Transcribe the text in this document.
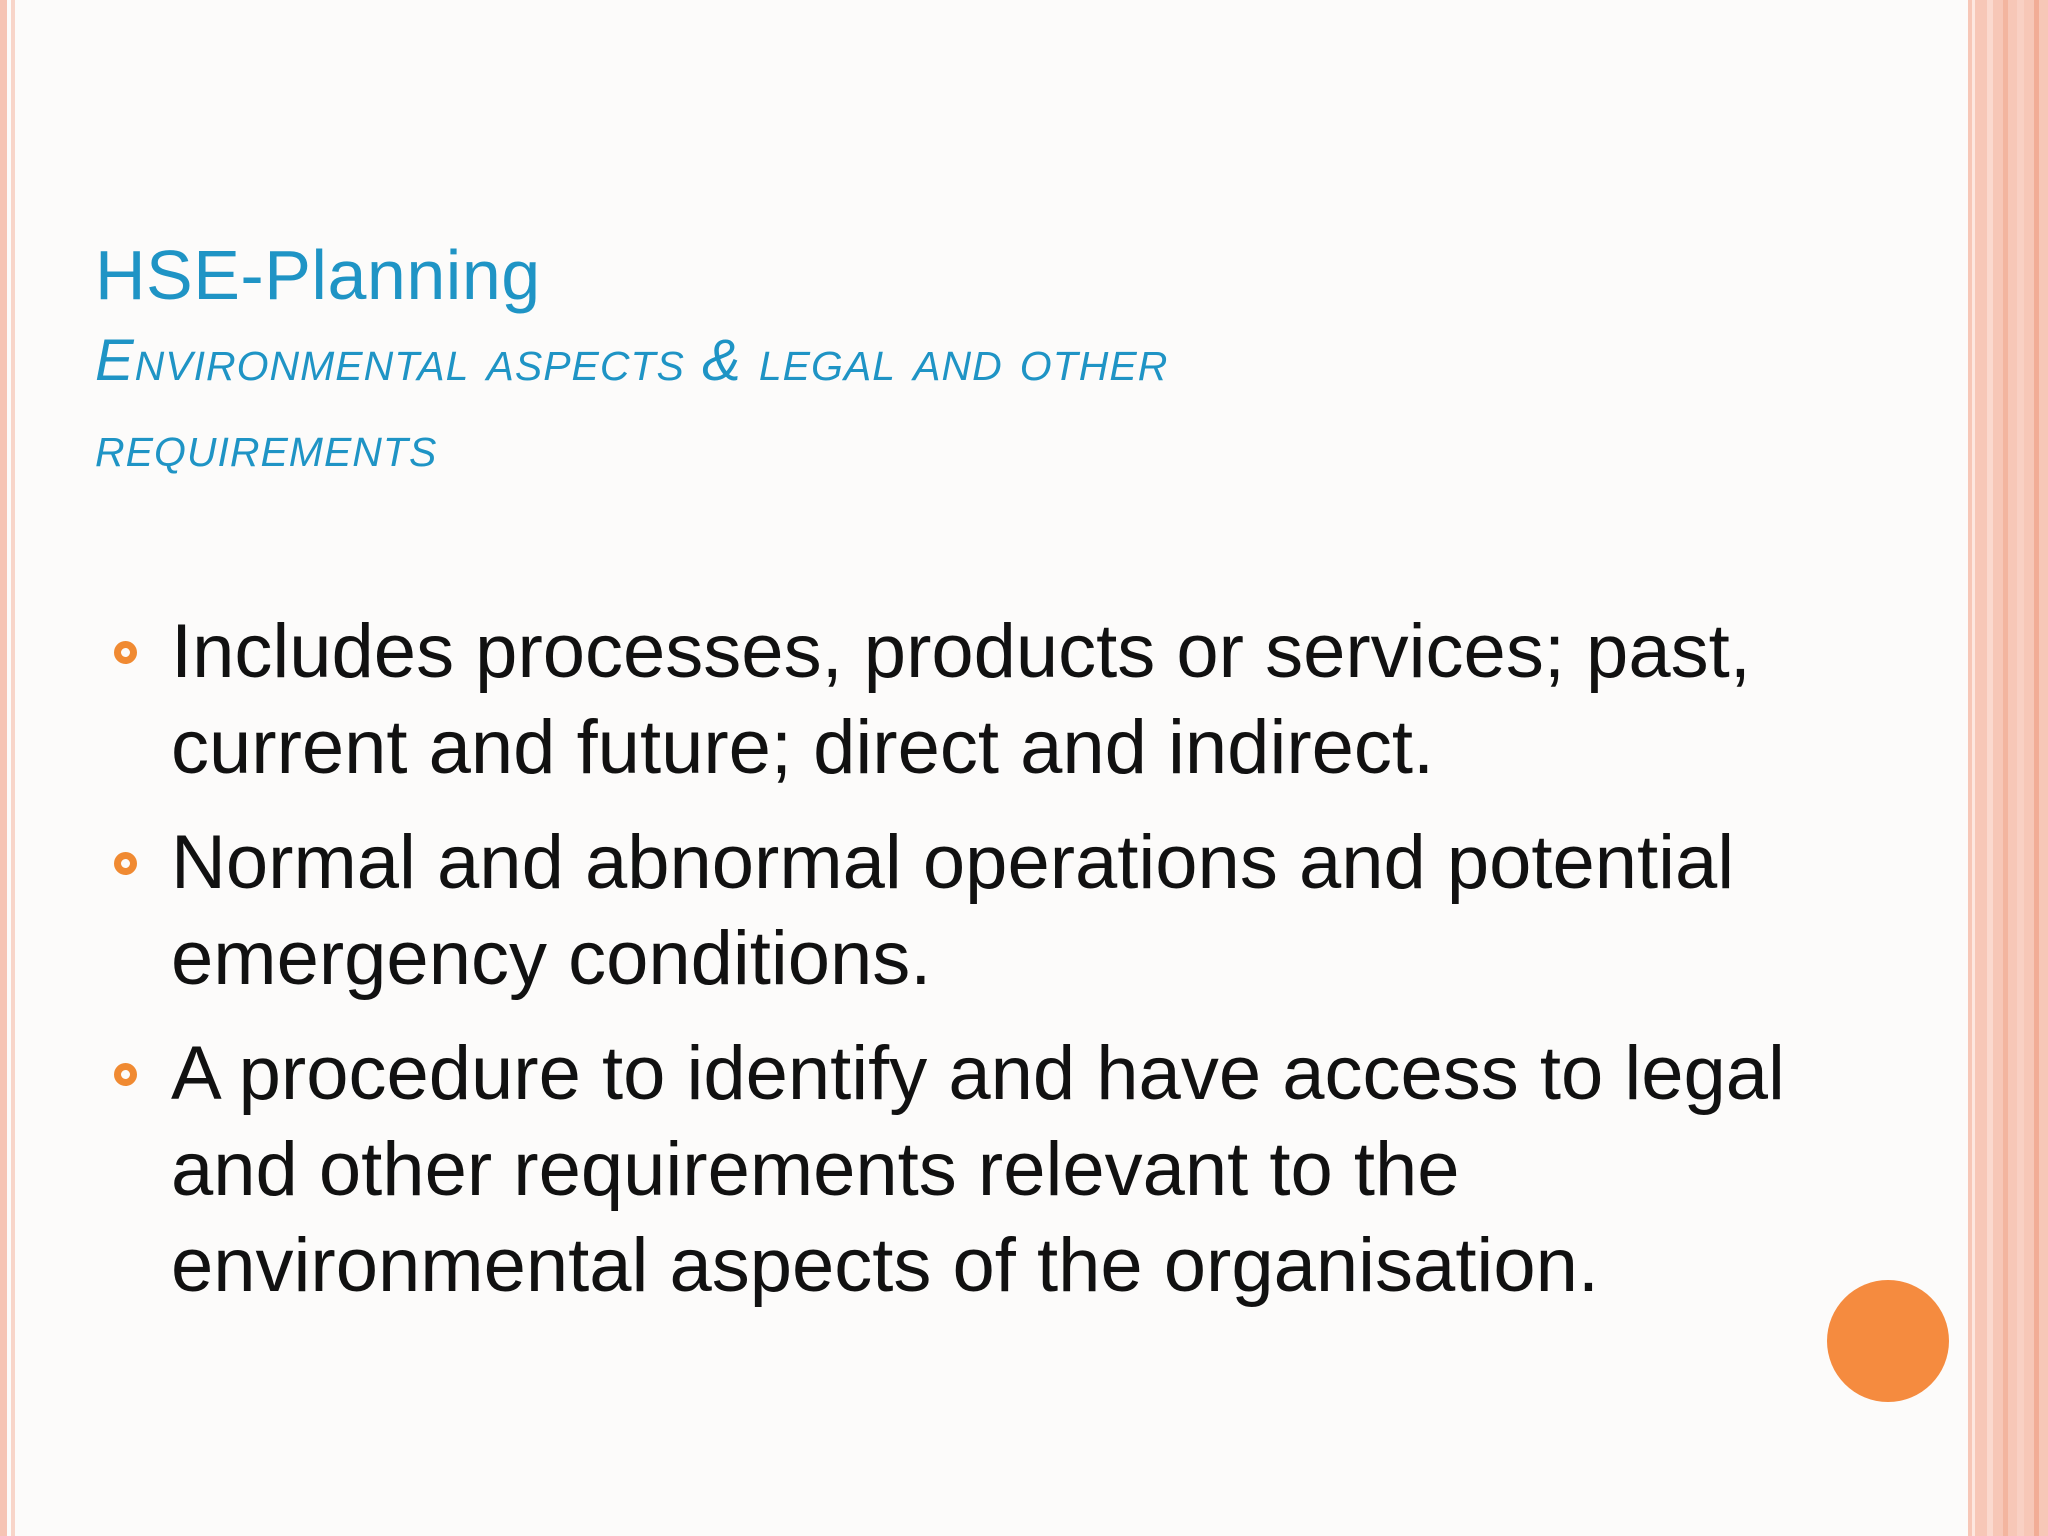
HSE-Planning
Environmental aspects & legal and other
requirements
Includes processes, products or services; past, current and future; direct and indirect.
Normal and abnormal operations and potential emergency conditions.
A procedure to identify and have access to legal and other requirements relevant to the environmental aspects of the organisation.
